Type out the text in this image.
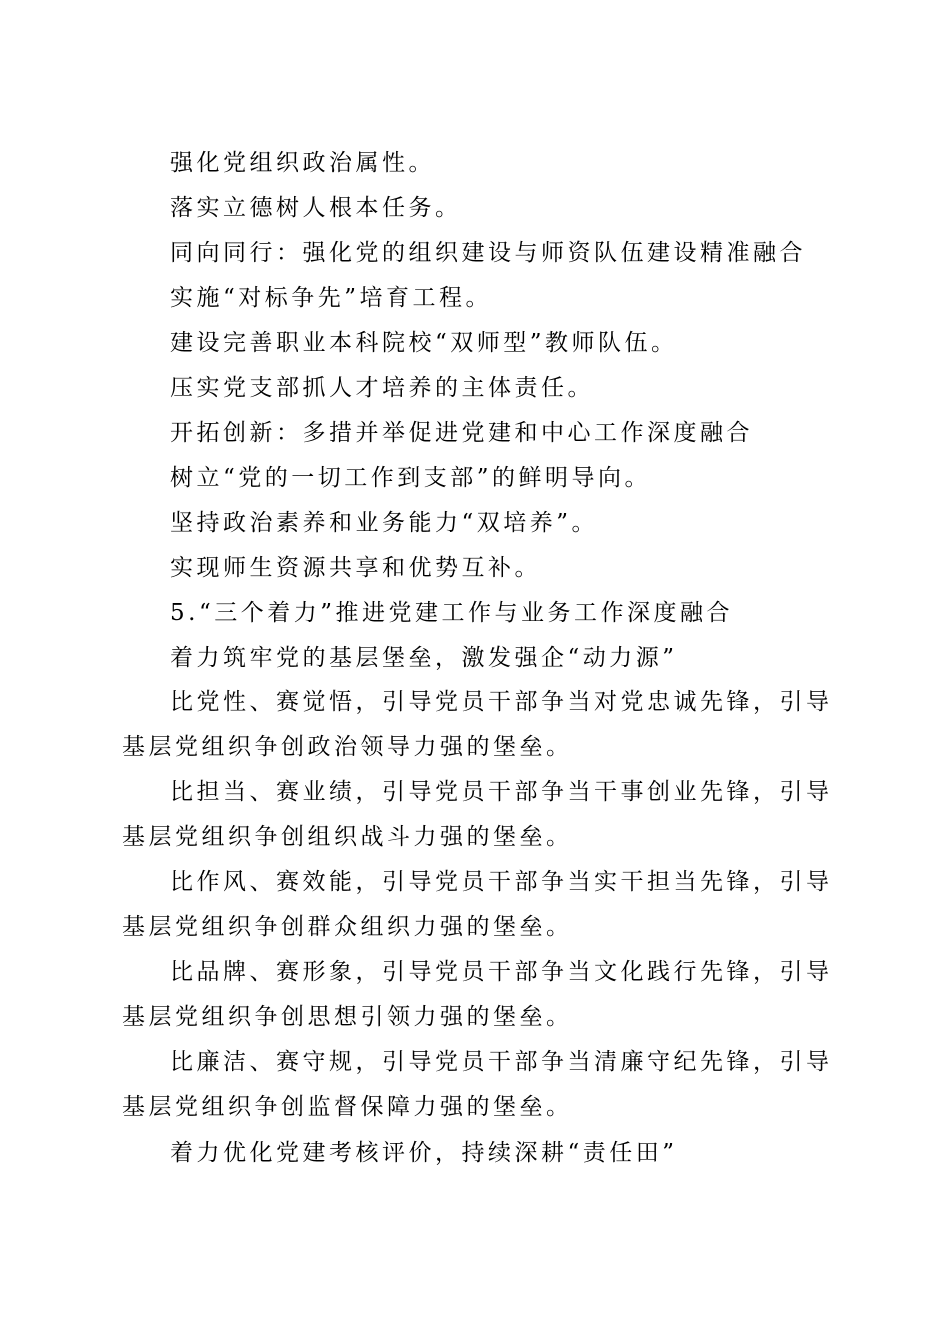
强化党组织政治属性。
落实立德树人根本任务。
同向同行：强化党的组织建设与师资队伍建设精准融合
实施“对标争先”培育工程。
建设完善职业本科院校“双师型”教师队伍。
压实党支部抓人才培养的主体责任。
开拓创新：多措并举促进党建和中心工作深度融合
树立“党的一切工作到支部”的鲜明导向。
坚持政治素养和业务能力“双培养”。
实现师生资源共享和优势互补。
5.“三个着力”推进党建工作与业务工作深度融合
着力筑牢党的基层堡垒，激发强企“动力源”
比党性、赛觉悟，引导党员干部争当对党忠诚先锋，引导基层党组织争创政治领导力强的堡垒。
比担当、赛业绩，引导党员干部争当干事创业先锋，引导基层党组织争创组织战斗力强的堡垒。
比作风、赛效能，引导党员干部争当实干担当先锋，引导基层党组织争创群众组织力强的堡垒。
比品牌、赛形象，引导党员干部争当文化践行先锋，引导基层党组织争创思想引领力强的堡垒。
比廉洁、赛守规，引导党员干部争当清廉守纪先锋，引导基层党组织争创监督保障力强的堡垒。
着力优化党建考核评价，持续深耕“责任田”
